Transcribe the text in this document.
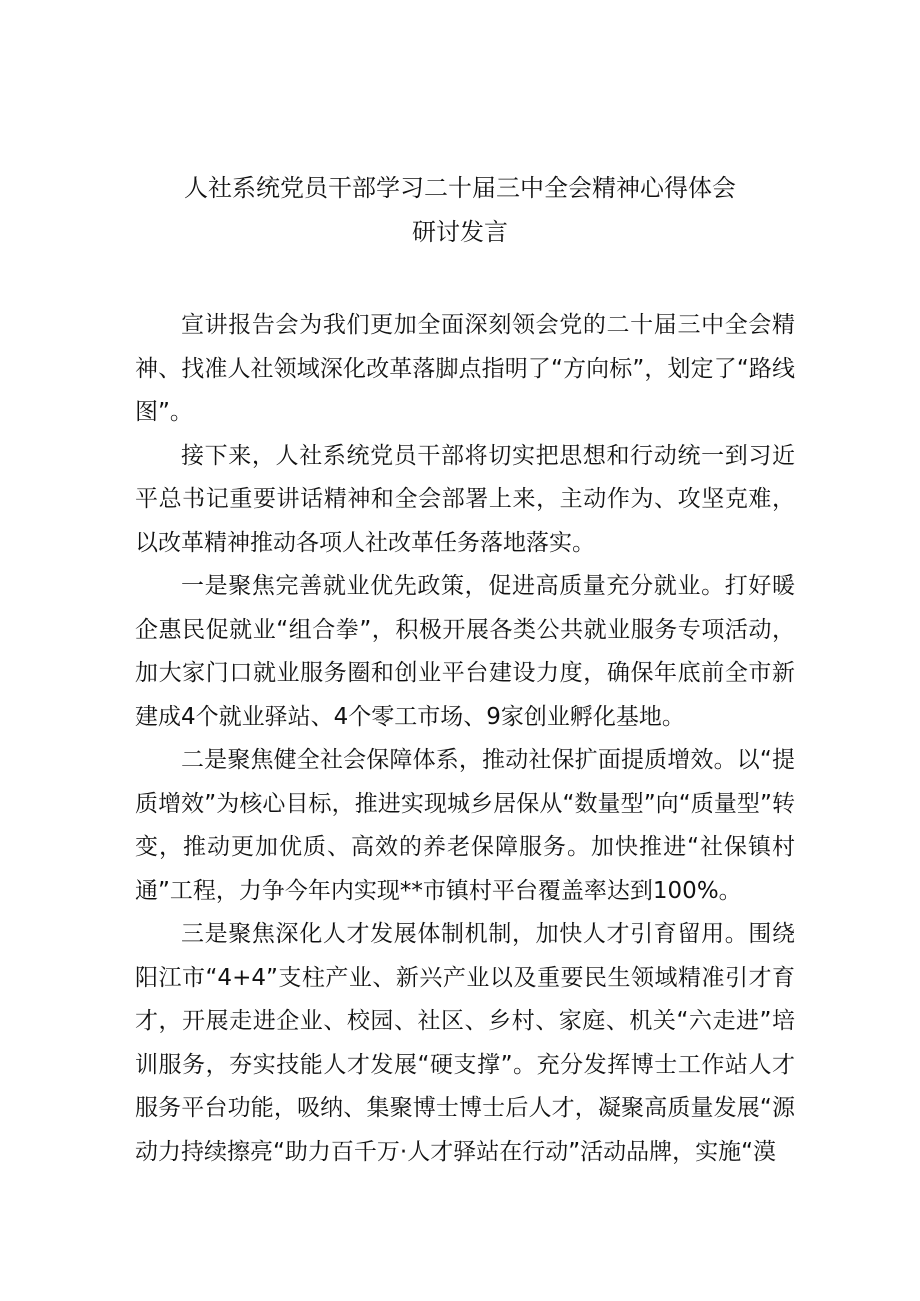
人社系统党员干部学习二十届三中全会精神心得体会
研讨发言

宣讲报告会为我们更加全面深刻领会党的二十届三中全会精神、找准人社领域深化改革落脚点指明了“方向标”，划定了“路线图”。

接下来，人社系统党员干部将切实把思想和行动统一到习近平总书记重要讲话精神和全会部署上来，主动作为、攻坚克难，以改革精神推动各项人社改革任务落地落实。

一是聚焦完善就业优先政策，促进高质量充分就业。打好暖企惠民促就业“组合拳”，积极开展各类公共就业服务专项活动，加大家门口就业服务圈和创业平台建设力度，确保年底前全市新建成4个就业驿站、4个零工市场、9家创业孵化基地。

二是聚焦健全社会保障体系，推动社保扩面提质增效。以“提质增效”为核心目标，推进实现城乡居保从“数量型”向“质量型”转变，推动更加优质、高效的养老保障服务。加快推进“社保镇村通”工程，力争今年内实现**市镇村平台覆盖率达到100%。

三是聚焦深化人才发展体制机制，加快人才引育留用。围绕阳江市“4+4”支柱产业、新兴产业以及重要民生领域精准引才育才，开展走进企业、校园、社区、乡村、家庭、机关“六走进”培训服务，夯实技能人才发展“硬支撑”。充分发挥博士工作站人才服务平台功能，吸纳、集聚博士博士后人才，凝聚高质量发展“源动力持续擦亮“助力百千万·人才驿站在行动”活动品牌，实施“漠
